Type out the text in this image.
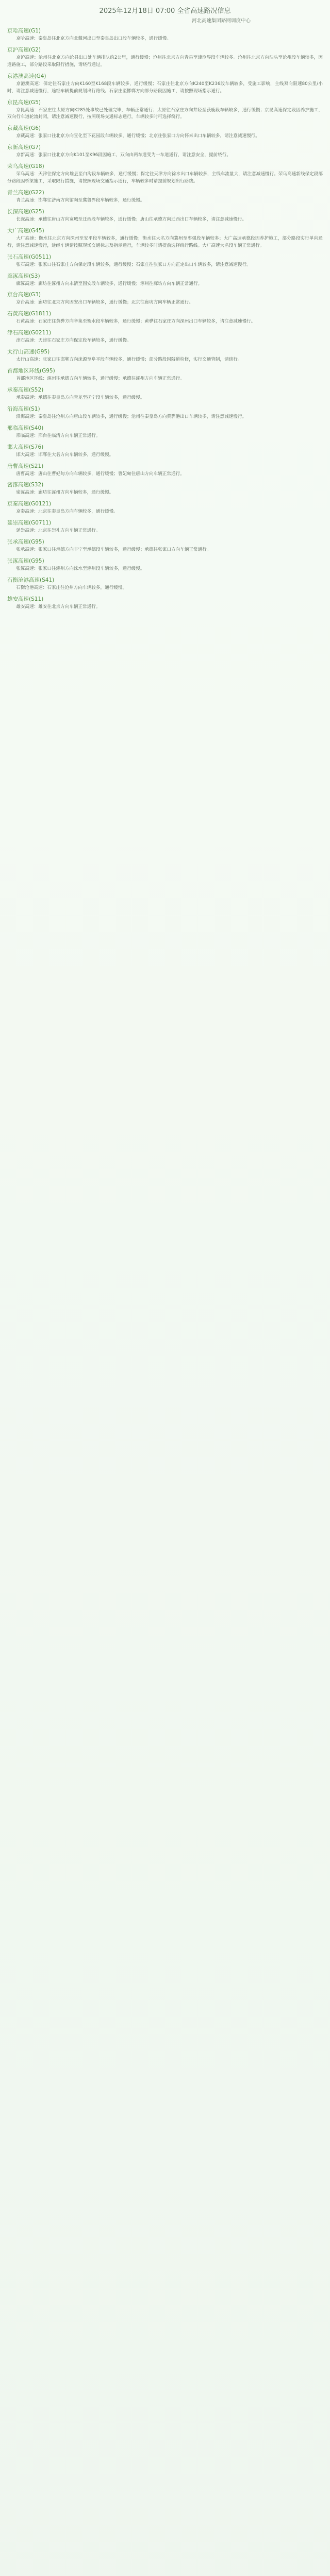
2025年12月18日 07:00 全省高速路况信息
河北高速集团路网调度中心
京哈高速(G1)
京哈高速：秦皇岛往北京方向北戴河出口至秦皇岛出口段车辆较多，通行缓慢。
京沪高速(G2)
京沪高速：沧州往北京方向沧县出口处车辆排队约2公里，通行缓慢；沧州往北京方向青县至津沧界段车辆较多。沧州往北京方向泊头至沧州段车辆较多，因道路施工，部分路段采取限行措施，请绕行通过。
京港澳高速(G4)
京港澳高速：保定往石家庄方向K160至K168段车辆较多，通行缓慢；石家庄往北京方向K240至K236段车辆较多，受施工影响，主线双向限速80公里/小时，请注意减速慢行，途经车辆提前规划出行路线。石家庄至邯郸方向部分路段因施工，请按照现场指示通行。
京昆高速(G5)
京昆高速：石家庄往太原方向K285处事故已处理完毕，车辆正常通行；太原往石家庄方向井陉至获鹿段车辆较多，通行缓慢；京昆高速保定段因养护施工，双向行车道轮流封闭，请注意减速慢行，按照现场交通标志通行，车辆较多时可选择绕行。
京藏高速(G6)
京藏高速：张家口往北京方向宣化至下花园段车辆较多，通行缓慢；北京往张家口方向怀来出口车辆较多，请注意减速慢行。
京新高速(G7)
京新高速：张家口往北京方向K101至K96段因施工，双向由两车道变为一车道通行，请注意安全，提前绕行。
荣乌高速(G18)
荣乌高速：天津往保定方向雄县至白沟段车辆较多，通行缓慢；保定往天津方向徐水出口车辆较多，主线车流量大，请注意减速慢行。荣乌高速新线保定段部分路段因桥梁施工，采取限行措施，请按照现场交通指示通行，车辆较多时请提前规划出行路线。
青兰高速(G22)
青兰高速：邯郸往济南方向馆陶至冀鲁界段车辆较多，通行缓慢。
长深高速(G25)
长深高速：承德往唐山方向宽城至迁西段车辆较多，通行缓慢；唐山往承德方向迁西出口车辆较多，请注意减速慢行。
大广高速(G45)
大广高速：衡水往北京方向深州至安平段车辆较多，通行缓慢；衡水往大名方向冀州至枣强段车辆较多；大广高速承德段因养护施工，部分路段实行单向通行，请注意减速慢行，途经车辆请按照现场交通标志及指示通行，车辆较多时请提前选择绕行路线。大广高速大名段车辆正常通行。
张石高速(G0511)
张石高速：张家口往石家庄方向保定段车辆较多，通行缓慢；石家庄往张家口方向正定出口车辆较多，请注意减速慢行。
廊涿高速(S3)
廊涿高速：廊坊往涿州方向永清至固安段车辆较多，通行缓慢；涿州往廊坊方向车辆正常通行。
京台高速(G3)
京台高速：廊坊往北京方向固安出口车辆较多，通行缓慢；北京往廊坊方向车辆正常通行。
石黄高速(G1811)
石黄高速：石家庄往黄骅方向辛集至衡水段车辆较多，通行缓慢；黄骅往石家庄方向深州出口车辆较多，请注意减速慢行。
津石高速(G0211)
津石高速：天津往石家庄方向保定段车辆较多，通行缓慢。
太行山高速(G95)
太行山高速：张家口往邯郸方向涞源至阜平段车辆较多，通行缓慢；部分路段因隧道检修，实行交通管制，请绕行。
首都地区环线(G95)
首都地区环线：涿州往承德方向车辆较多，通行缓慢；承德往涿州方向车辆正常通行。
承秦高速(S52)
承秦高速：承德往秦皇岛方向青龙至抚宁段车辆较多，通行缓慢。
沿海高速(S1)
沿海高速：秦皇岛往沧州方向唐山段车辆较多，通行缓慢；沧州往秦皇岛方向黄骅港出口车辆较多，请注意减速慢行。
邢临高速(S40)
邢临高速：邢台往临清方向车辆正常通行。
邯大高速(S76)
邯大高速：邯郸往大名方向车辆较多，通行缓慢。
唐曹高速(S21)
唐曹高速：唐山往曹妃甸方向车辆较多，通行缓慢；曹妃甸往唐山方向车辆正常通行。
密涿高速(S32)
密涿高速：廊坊往涿州方向车辆较多，通行缓慢。
京秦高速(G0121)
京秦高速：北京往秦皇岛方向车辆较多，通行缓慢。
延崇高速(G0711)
延崇高速：北京往崇礼方向车辆正常通行。
张承高速(G95)
张承高速：张家口往承德方向丰宁至承德段车辆较多，通行缓慢；承德往张家口方向车辆正常通行。
张涿高速(G95)
张涿高速：张家口往涿州方向涞水至涿州段车辆较多，通行缓慢。
石衡沧港高速(S41)
石衡沧港高速：石家庄往沧州方向车辆较多，通行缓慢。
雄安高速(S11)
雄安高速：雄安往北京方向车辆正常通行。
